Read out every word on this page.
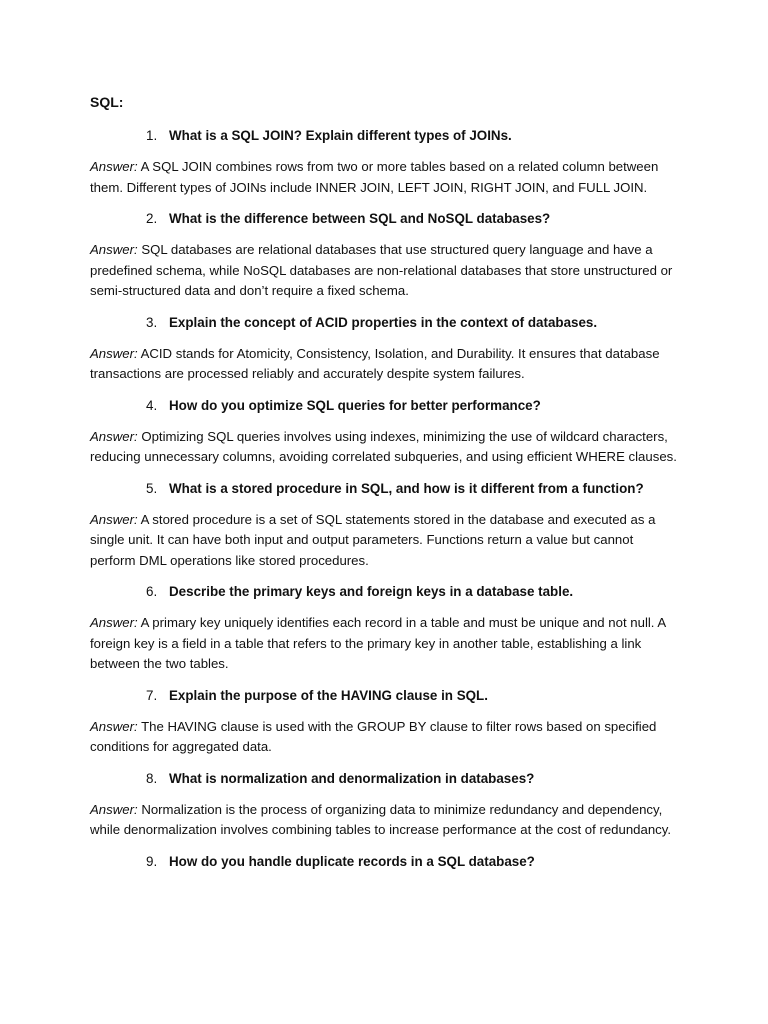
SQL:
1. What is a SQL JOIN? Explain different types of JOINs.

Answer: A SQL JOIN combines rows from two or more tables based on a related column between them. Different types of JOINs include INNER JOIN, LEFT JOIN, RIGHT JOIN, and FULL JOIN.

2. What is the difference between SQL and NoSQL databases?

Answer: SQL databases are relational databases that use structured query language and have a predefined schema, while NoSQL databases are non-relational databases that store unstructured or semi-structured data and don’t require a fixed schema.

3. Explain the concept of ACID properties in the context of databases.

Answer: ACID stands for Atomicity, Consistency, Isolation, and Durability. It ensures that database transactions are processed reliably and accurately despite system failures.

4. How do you optimize SQL queries for better performance?

Answer: Optimizing SQL queries involves using indexes, minimizing the use of wildcard characters, reducing unnecessary columns, avoiding correlated subqueries, and using efficient WHERE clauses.

5. What is a stored procedure in SQL, and how is it different from a function?

Answer: A stored procedure is a set of SQL statements stored in the database and executed as a single unit. It can have both input and output parameters. Functions return a value but cannot perform DML operations like stored procedures.

6. Describe the primary keys and foreign keys in a database table.

Answer: A primary key uniquely identifies each record in a table and must be unique and not null. A foreign key is a field in a table that refers to the primary key in another table, establishing a link between the two tables.

7. Explain the purpose of the HAVING clause in SQL.

Answer: The HAVING clause is used with the GROUP BY clause to filter rows based on specified conditions for aggregated data.

8. What is normalization and denormalization in databases?

Answer: Normalization is the process of organizing data to minimize redundancy and dependency, while denormalization involves combining tables to increase performance at the cost of redundancy.

9. How do you handle duplicate records in a SQL database?
